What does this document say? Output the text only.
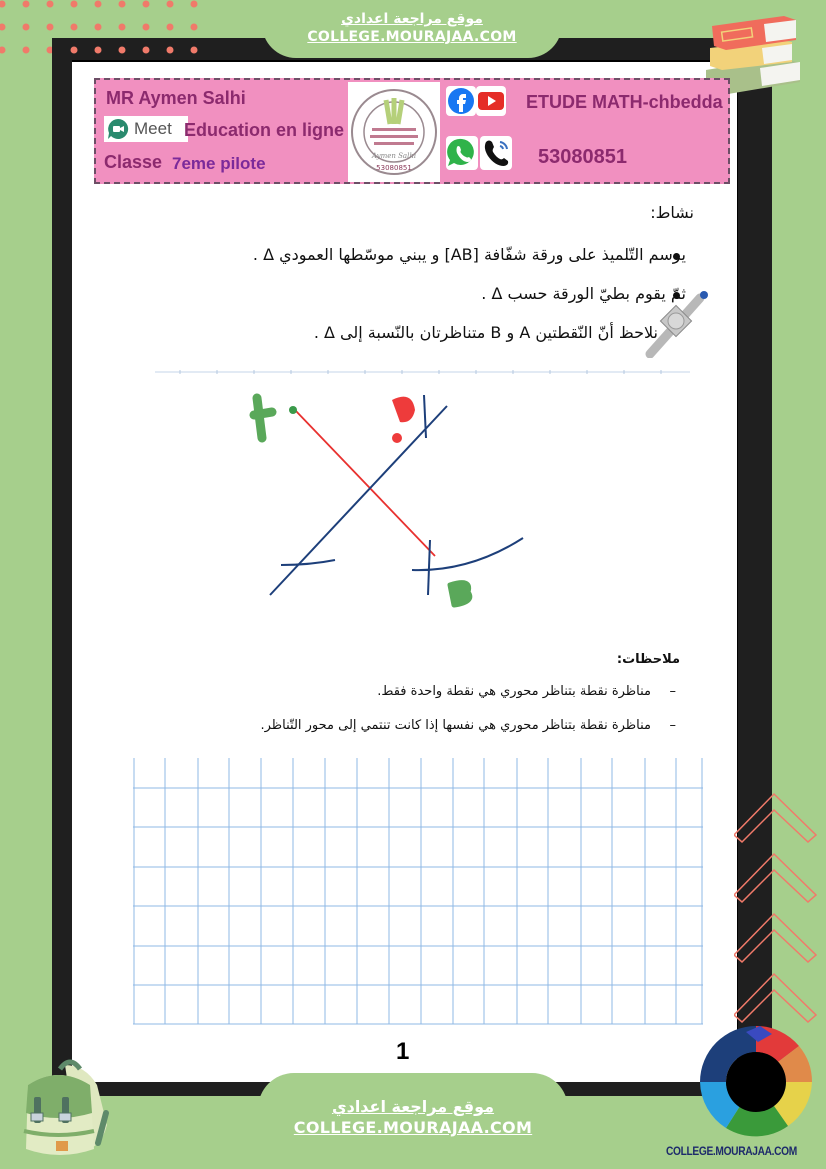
موقع مراجعة اعدادي
COLLEGE.MOURAJAA.COM
MR Aymen Salhi
Meet Education en ligne
Classe 7eme pilote	Aymen Salhi
53080851
ETUDE MATH-chbedda
53080851
نشاط:
يرسم التّلميذ على ورقة شفّافة [AB] و يبني موسّطها العمودي Δ .
ثمّ يقوم بطيّ الورقة حسب Δ .
نلاحظ أنّ النّقطتين A و B متناظرتان بالنّسبة إلى Δ .
ملاحظات:
–
مناظرة نقطة بتناظر محوري هي نقطة واحدة فقط.
–
مناظرة نقطة بتناظر محوري هي نفسها إذا كانت تنتمي إلى محور التّناظر.
1
موقع مراجعة اعدادي
COLLEGE.MOURAJAA.COM
COLLEGE.MOURAJAA.COM
